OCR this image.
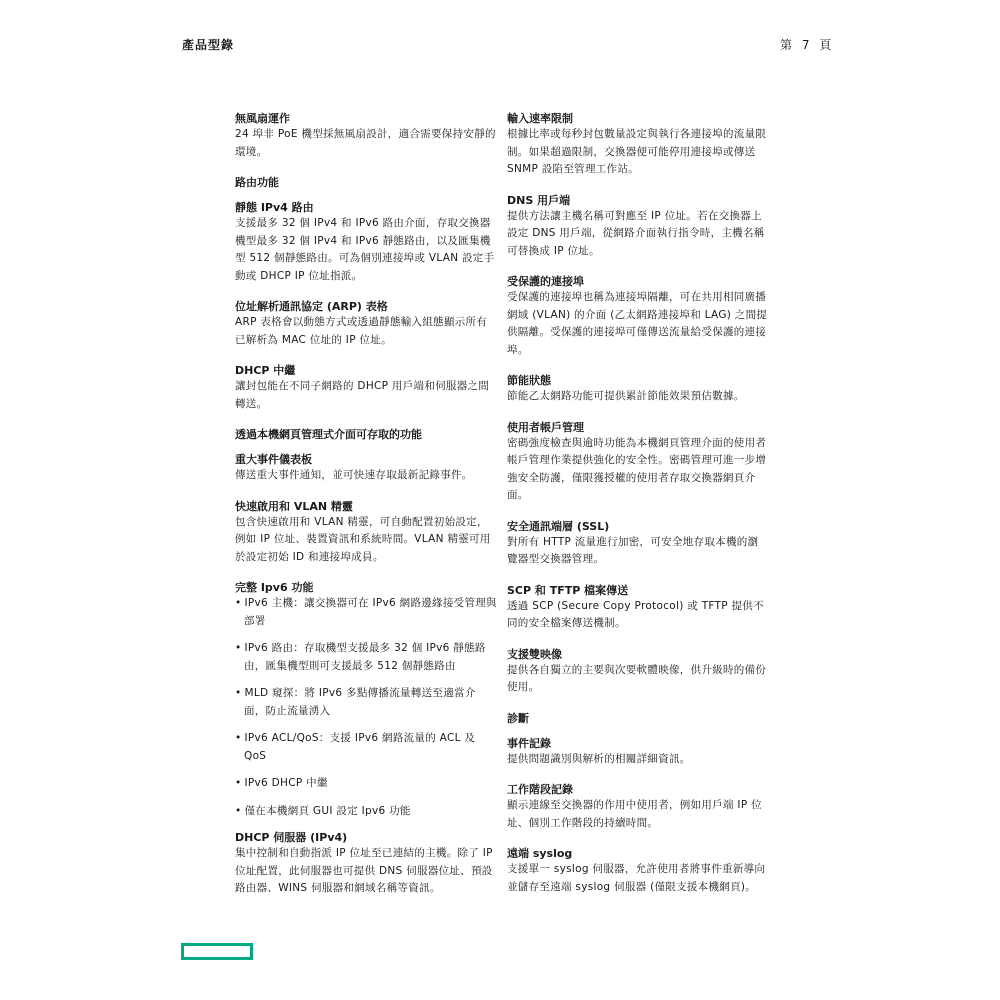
產品型錄	第 7 頁
無風扇運作
24 埠非 PoE 機型採無風扇設計，適合需要保持安靜的環境。
路由功能
靜態 IPv4 路由
支援最多 32 個 IPv4 和 IPv6 路由介面，存取交換器機型最多 32 個 IPv4 和 IPv6 靜態路由，以及匯集機型 512 個靜態路由。可為個別連接埠或 VLAN 設定手動或 DHCP IP 位址指派。
位址解析通訊協定 (ARP) 表格
ARP 表格會以動態方式或透過靜態輸入組態顯示所有已解析為 MAC 位址的 IP 位址。
DHCP 中繼
讓封包能在不同子網路的 DHCP 用戶端和伺服器之間轉送。
透過本機網頁管理式介面可存取的功能
重大事件儀表板
傳送重大事件通知，並可快速存取最新記錄事件。
快速啟用和 VLAN 精靈
包含快速啟用和 VLAN 精靈，可自動配置初始設定，例如 IP 位址、裝置資訊和系統時間。VLAN 精靈可用於設定初始 ID 和連接埠成員。
完整 Ipv6 功能
• IPv6 主機：讓交換器可在 IPv6 網路邊緣接受管理與部署
• IPv6 路由：存取機型支援最多 32 個 IPv6 靜態路由，匯集機型則可支援最多 512 個靜態路由
• MLD 窺探：將 IPv6 多點傳播流量轉送至適當介面，防止流量湧入
• IPv6 ACL/QoS：支援 IPv6 網路流量的 ACL 及 QoS
• IPv6 DHCP 中繼
• 僅在本機網頁 GUI 設定 Ipv6 功能
DHCP 伺服器 (IPv4)
集中控制和自動指派 IP 位址至已連結的主機。除了 IP 位址配置，此伺服器也可提供 DNS 伺服器位址、預設路由器、WINS 伺服器和網域名稱等資訊。
輸入速率限制
根據比率或每秒封包數量設定與執行各連接埠的流量限制。如果超過限制，交換器便可能停用連接埠或傳送 SNMP 設陷至管理工作站。
DNS 用戶端
提供方法讓主機名稱可對應至 IP 位址。若在交換器上設定 DNS 用戶端，從網路介面執行指令時，主機名稱可替換成 IP 位址。
受保護的連接埠
受保護的連接埠也稱為連接埠隔離，可在共用相同廣播網域 (VLAN) 的介面 (乙太網路連接埠和 LAG) 之間提供隔離。受保護的連接埠可僅傳送流量給受保護的連接埠。
節能狀態
節能乙太網路功能可提供累計節能效果預估數據。
使用者帳戶管理
密碼強度檢查與逾時功能為本機網頁管理介面的使用者帳戶管理作業提供強化的安全性。密碼管理可進一步增強安全防護，僅限獲授權的使用者存取交換器網頁介面。
安全通訊端層 (SSL)
對所有 HTTP 流量進行加密，可安全地存取本機的瀏覽器型交換器管理。
SCP 和 TFTP 檔案傳送
透過 SCP (Secure Copy Protocol) 或 TFTP 提供不同的安全檔案傳送機制。
支援雙映像
提供各自獨立的主要與次要軟體映像，供升級時的備份使用。
診斷
事件記錄
提供問題識別與解析的相關詳細資訊。
工作階段記錄
顯示連線至交換器的作用中使用者，例如用戶端 IP 位址、個別工作階段的持續時間。
遠端 syslog
支援單一 syslog 伺服器，允許使用者將事件重新導向並儲存至遠端 syslog 伺服器 (僅限支援本機網頁)。
